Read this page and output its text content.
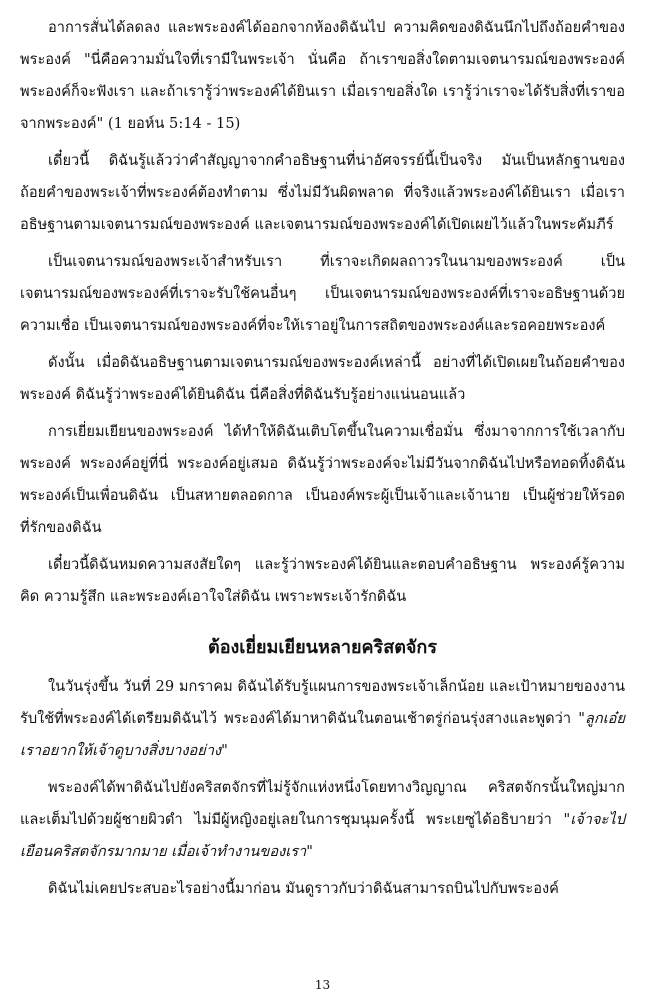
อาการสั่นได้ลดลง และพระองค์ได้ออกจากห้องดิฉันไป ความคิดของดิฉันนึกไปถึงถ้อยคำของพระองค์ "นี่คือความมั่นใจที่เรามีในพระเจ้า นั่นคือ ถ้าเราขอสิ่งใดตามเจตนารมณ์ของพระองค์ พระองค์ก็จะฟังเรา และถ้าเรารู้ว่าพระองค์ได้ยินเรา เมื่อเราขอสิ่งใด เรารู้ว่าเราจะได้รับสิ่งที่เราขอจากพระองค์" (1 ยอห์น 5:14 - 15)

เดี๋ยวนี้ ดิฉันรู้แล้วว่าคำสัญญาจากคำอธิษฐานที่น่าอัศจรรย์นี้เป็นจริง มันเป็นหลักฐานของถ้อยคำของพระเจ้าที่พระองค์ต้องทำตาม ซึ่งไม่มีวันผิดพลาด ที่จริงแล้วพระองค์ได้ยินเรา เมื่อเราอธิษฐานตามเจตนารมณ์ของพระองค์ และเจตนารมณ์ของพระองค์ได้เปิดเผยไว้แล้วในพระคัมภีร์

เป็นเจตนารมณ์ของพระเจ้าสำหรับเรา ที่เราจะเกิดผลถาวรในนามของพระองค์ เป็นเจตนารมณ์ของพระองค์ที่เราจะรับใช้คนอื่นๆ เป็นเจตนารมณ์ของพระองค์ที่เราจะอธิษฐานด้วยความเชื่อ เป็นเจตนารมณ์ของพระองค์ที่จะให้เราอยู่ในการสถิตของพระองค์และรอคอยพระองค์

ดังนั้น เมื่อดิฉันอธิษฐานตามเจตนารมณ์ของพระองค์เหล่านี้ อย่างที่ได้เปิดเผยในถ้อยคำของพระองค์ ดิฉันรู้ว่าพระองค์ได้ยินดิฉัน นี่คือสิ่งที่ดิฉันรับรู้อย่างแน่นอนแล้ว

การเยี่ยมเยียนของพระองค์ ได้ทำให้ดิฉันเติบโตขึ้นในความเชื่อมั่น ซึ่งมาจากการใช้เวลากับพระองค์ พระองค์อยู่ที่นี่ พระองค์อยู่เสมอ ดิฉันรู้ว่าพระองค์จะไม่มีวันจากดิฉันไปหรือทอดทิ้งดิฉัน พระองค์เป็นเพื่อนดิฉัน เป็นสหายตลอดกาล เป็นองค์พระผู้เป็นเจ้าและเจ้านาย เป็นผู้ช่วยให้รอดที่รักของดิฉัน

เดี๋ยวนี้ดิฉันหมดความสงสัยใดๆ และรู้ว่าพระองค์ได้ยินและตอบคำอธิษฐาน พระองค์รู้ความคิด ความรู้สึก และพระองค์เอาใจใส่ดิฉัน เพราะพระเจ้ารักดิฉัน

ต้องเยี่ยมเยียนหลายคริสตจักร

ในวันรุ่งขึ้น วันที่ 29 มกราคม ดิฉันได้รับรู้แผนการของพระเจ้าเล็กน้อย และเป้าหมายของงานรับใช้ที่พระองค์ได้เตรียมดิฉันไว้ พระองค์ได้มาหาดิฉันในตอนเช้าตรู่ก่อนรุ่งสางและพูดว่า "ลูกเอ๋ย เราอยากให้เจ้าดูบางสิ่งบางอย่าง"

พระองค์ได้พาดิฉันไปยังคริสตจักรที่ไม่รู้จักแห่งหนึ่งโดยทางวิญญาณ คริสตจักรนั้นใหญ่มากและเต็มไปด้วยผู้ชายผิวดำ ไม่มีผู้หญิงอยู่เลยในการชุมนุมครั้งนี้ พระเยซูได้อธิบายว่า "เจ้าจะไปเยือนคริสตจักรมากมาย เมื่อเจ้าทำงานของเรา"

ดิฉันไม่เคยประสบอะไรอย่างนี้มาก่อน มันดูราวกับว่าดิฉันสามารถบินไปกับพระองค์

13
